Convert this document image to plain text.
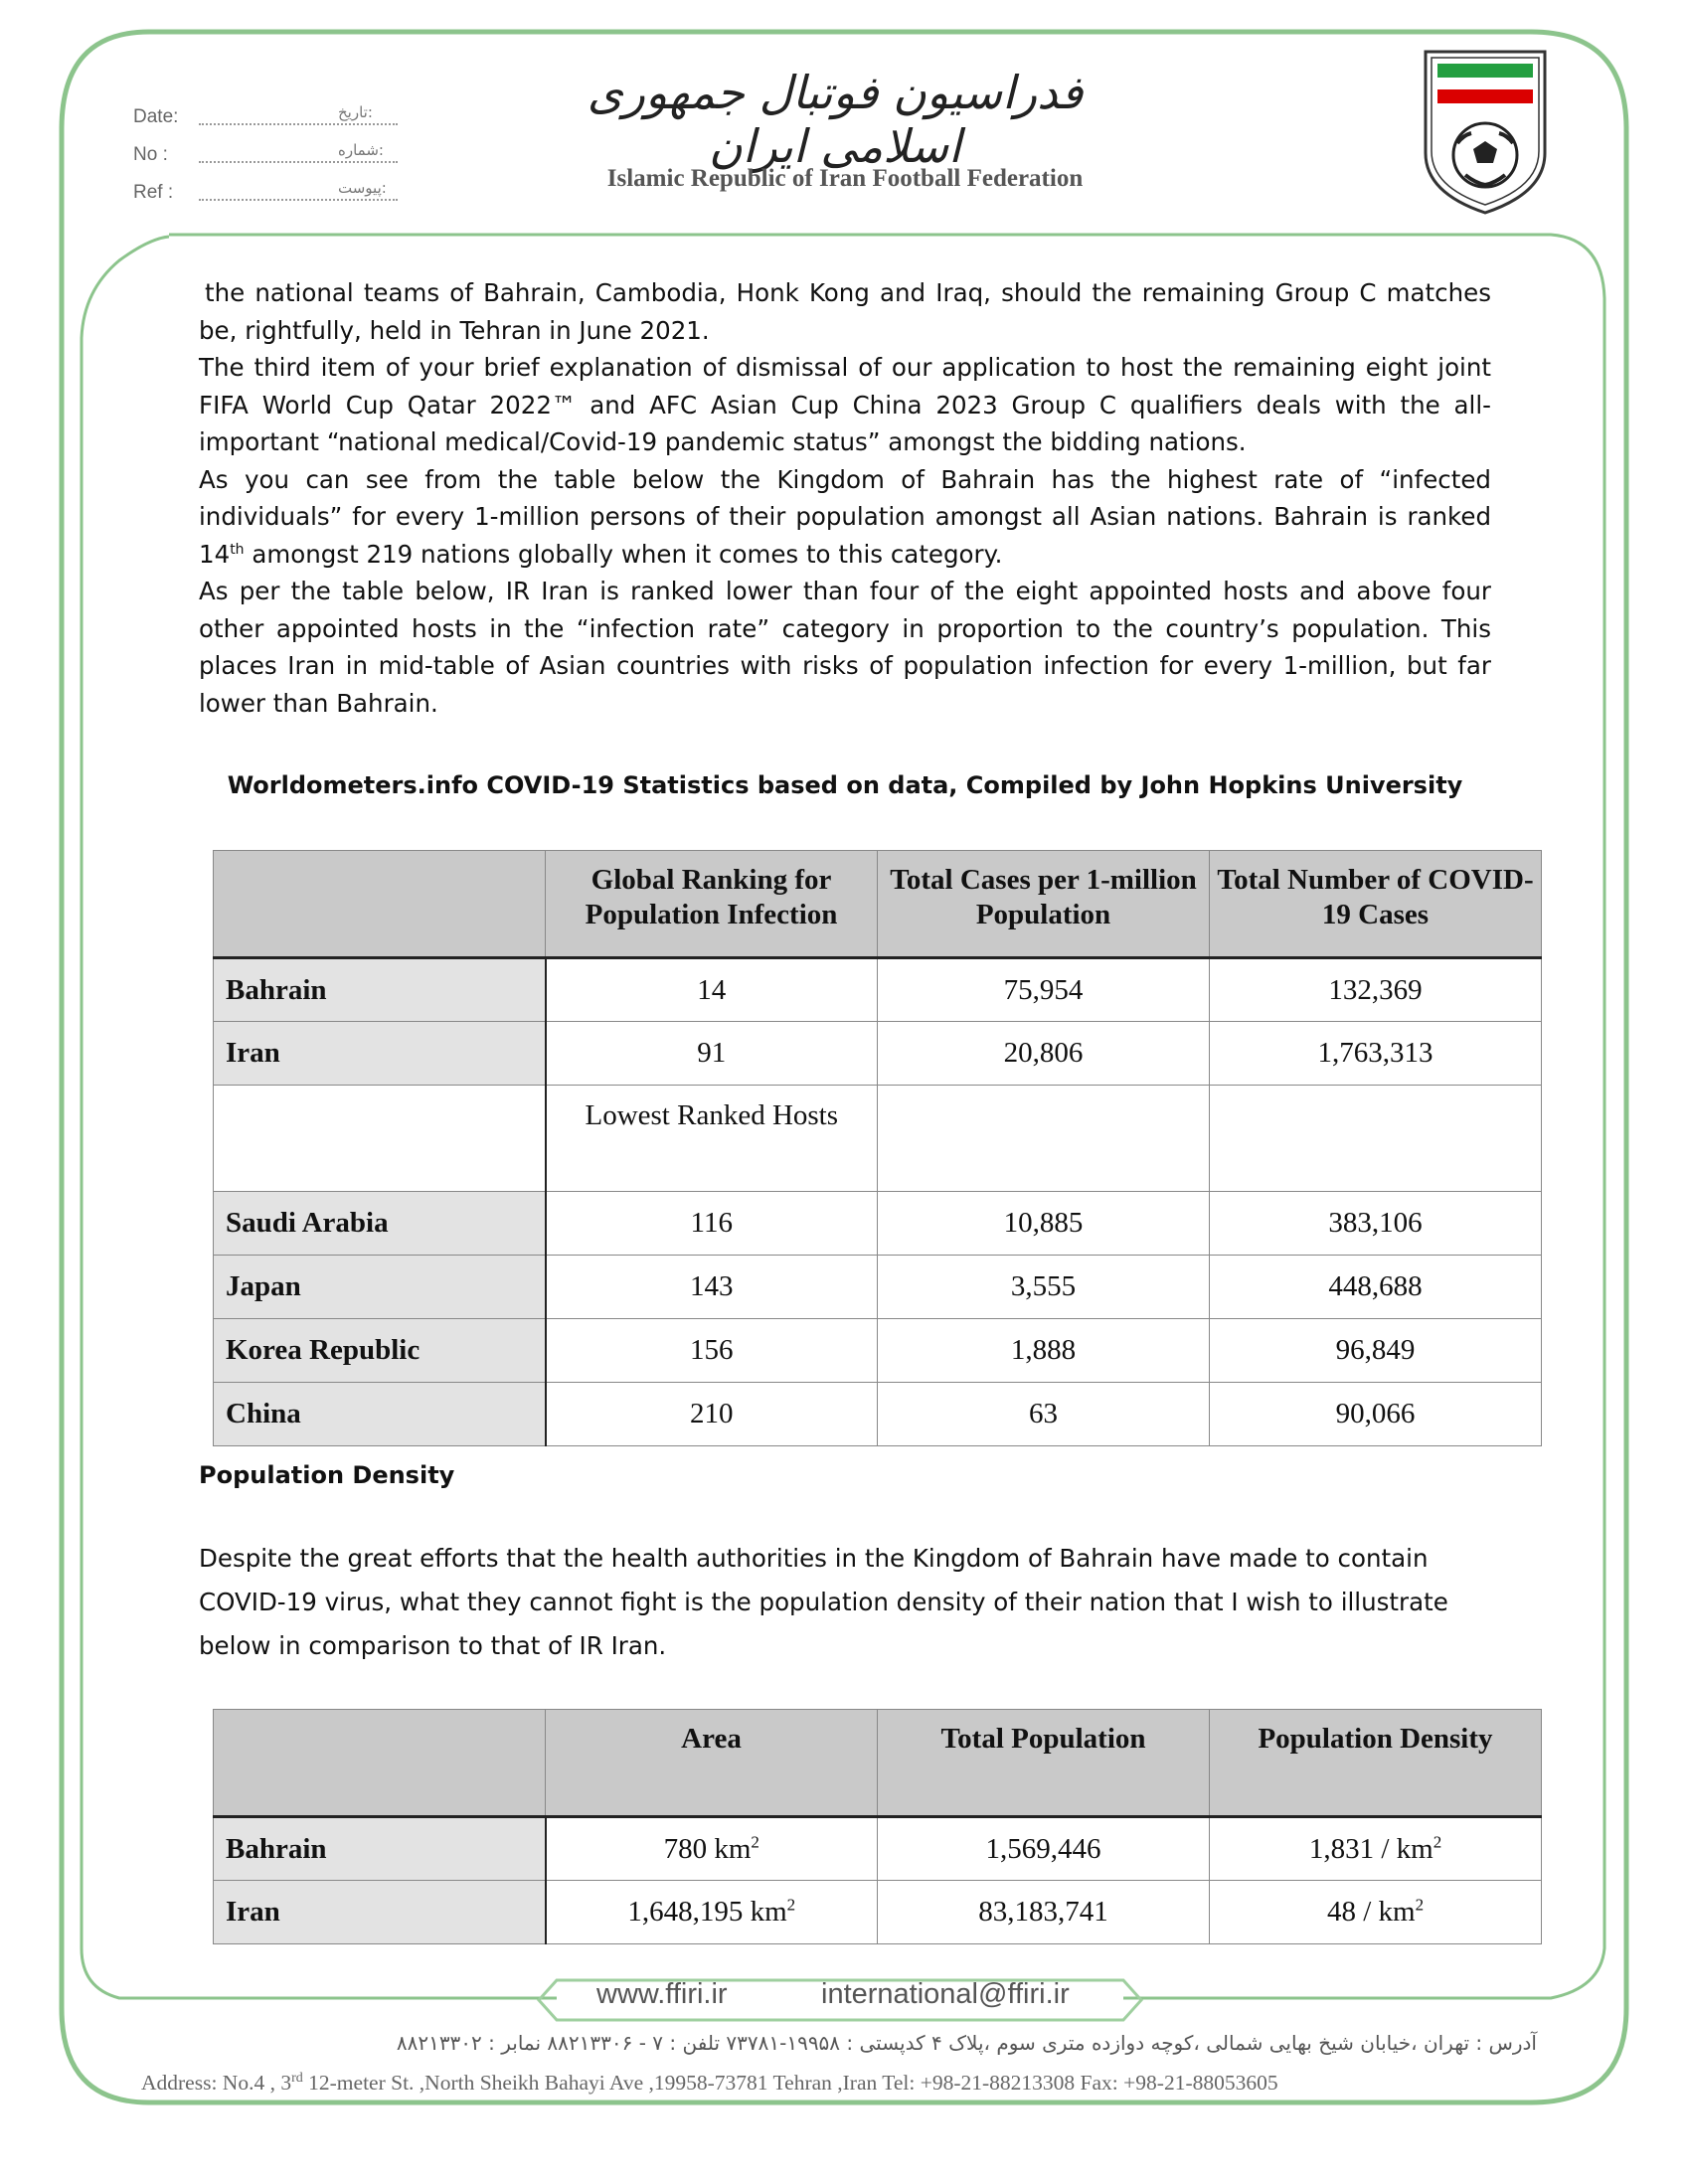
Date:	تاریخ:
No :	شماره:
Ref :	پیوست:
فدراسیون فوتبال جمهوری اسلامی ایران
Islamic Republic of Iran Football Federation

the national teams of Bahrain, Cambodia, Honk Kong and Iraq, should the remaining Group C matches be, rightfully, held in Tehran in June 2021.

The third item of your brief explanation of dismissal of our application to host the remaining eight joint FIFA World Cup Qatar 2022™ and AFC Asian Cup China 2023 Group C qualifiers deals with the all-important “national medical/Covid-19 pandemic status” amongst the bidding nations.

As you can see from the table below the Kingdom of Bahrain has the highest rate of “infected individuals” for every 1-million persons of their population amongst all Asian nations. Bahrain is ranked 14th amongst 219 nations globally when it comes to this category.

As per the table below, IR Iran is ranked lower than four of the eight appointed hosts and above four other appointed hosts in the “infection rate” category in proportion to the country’s population. This places Iran in mid-table of Asian countries with risks of population infection for every 1-million, but far lower than Bahrain.

Worldometers.info COVID-19 Statistics based on data, Compiled by John Hopkins University
	Global Ranking for Population Infection	Total Cases per 1-million Population	Total Number of COVID-19 Cases
Bahrain	14	75,954	132,369
Iran	91	20,806	1,763,313
	Lowest Ranked Hosts		
Saudi Arabia	116	10,885	383,106
Japan	143	3,555	448,688
Korea Republic	156	1,888	96,849
China	210	63	90,066
Population Density
Despite the great efforts that the health authorities in the Kingdom of Bahrain have made to contain COVID-19 virus, what they cannot fight is the population density of their nation that I wish to illustrate below in comparison to that of IR Iran.
	Area	Total Population	Population Density
Bahrain	780 $km^2$	1,569,446	$1,831 / km^2$
Iran	1,648,195 $km^2$	83,183,741	$48 / km^2$
www.ffiri.ir	international@ffiri.ir
آدرس : تهران ،خیابان شیخ بهایی شمالی ،کوچه دوازده متری سوم ،پلاک ۴ کدپستی : ۱۹۹۵۸-۷۳۷۸۱ تلفن : ۷ - ۸۸۲۱۳۳۰۶ نمابر : ۸۸۲۱۳۳۰۲
Address: No.4 , 3rd 12-meter St. ,North Sheikh Bahayi Ave ,19958-73781 Tehran ,Iran Tel: +98-21-88213308 Fax: +98-21-88053605
